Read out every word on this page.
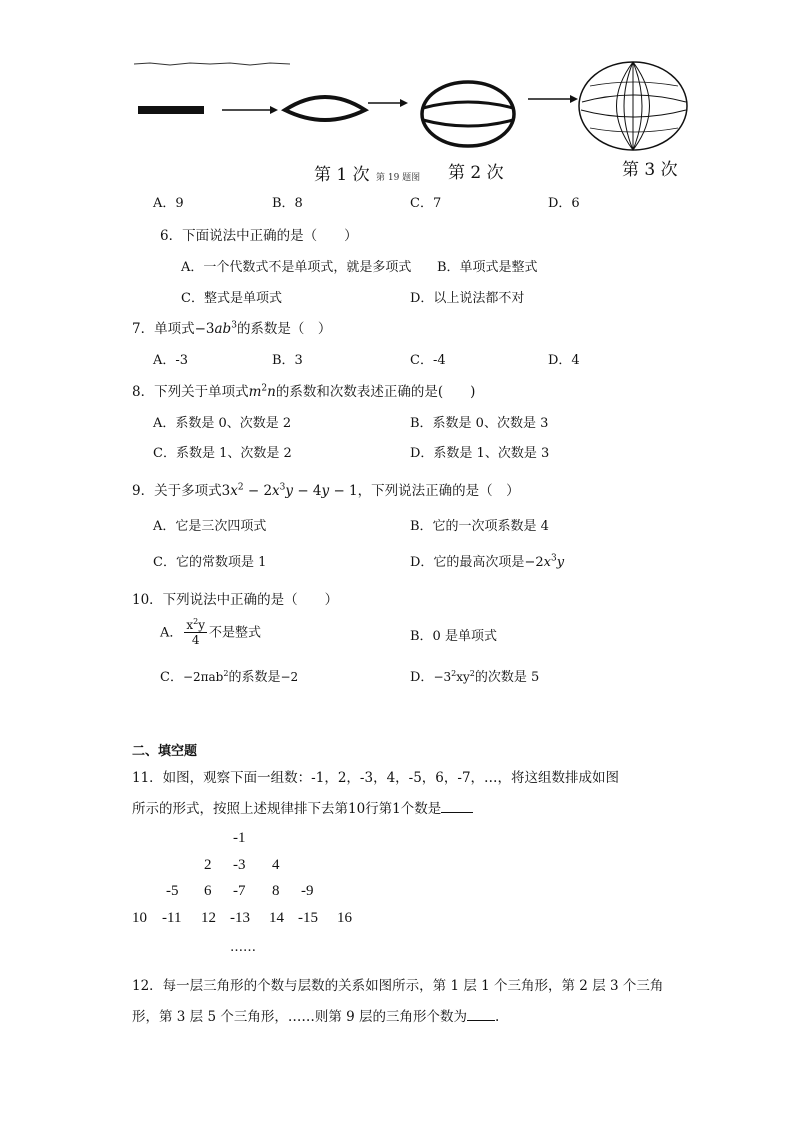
第 1 次 第 19 题图 第 2 次	第 3 次
A．9	B．8	C．7	D．6
6．下面说法中正确的是（　　）
A．一个代数式不是单项式，就是多项式 B．单项式是整式
C．整式是单项式	D．以上说法都不对
7．单项式$-3ab^3$的系数是（　）
A．-3	B．3	C．-4	D．4
8．下列关于单项式$m^2n$的系数和次数表述正确的是(　　)
A．系数是 0、次数是 2	B．系数是 0、次数是 3
C．系数是 1、次数是 2	D．系数是 1、次数是 3
9．关于多项式$3x^2 - 2x^3y - 4y - 1$，下列说法正确的是（　）
A．它是三次四项式	B．它的一次项系数是 4
C．它的常数项是 1	D．它的最高次项是$-2x^3y$
10．下列说法中正确的是（　　）
A． $\frac{x^2y}{4}$ 不是整式	B．0 是单项式
C．−2πab$^2$的系数是−2	D．$-3^2xy^2$的次数是 5
二、填空题
11．如图，观察下面一组数：-1，2，-3，4，-5，6，-7，…，将这组数排成如图
所示的形式，按照上述规律排下去第10行第1个数是
-1
2 -3 4
-5 6 -7 8 -9
10 -11 12 -13 14 -15 16
……
12．每一层三角形的个数与层数的关系如图所示，第 1 层 1 个三角形，第 2 层 3 个三角
形，第 3 层 5 个三角形，……则第 9 层的三角形个数为 .
